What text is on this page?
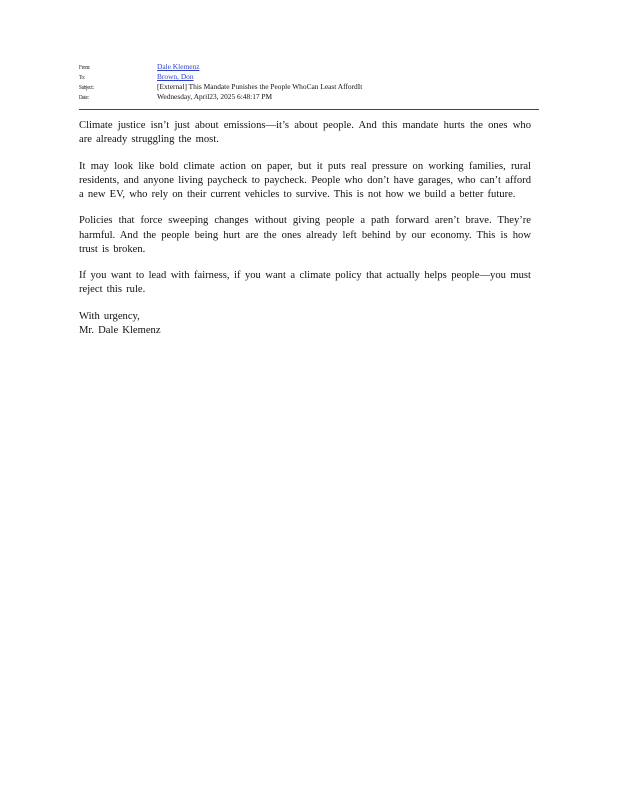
From:	Dale Klemenz
To:	Brown, Don
Subject:	[External] This Mandate Punishes the People WhoCan Least AffordIt
Date:	Wednesday, April23, 2025 6:48:17 PM

Climate justice isn’t just about emissions—it’s about people. And this mandate hurts the ones who are already struggling the most.

It may look like bold climate action on paper, but it puts real pressure on working families, rural residents, and anyone living paycheck to paycheck. People who don’t have garages, who can’t afford a new EV, who rely on their current vehicles to survive. This is not how we build a better future.

Policies that force sweeping changes without giving people a path forward aren’t brave. They’re harmful. And the people being hurt are the ones already left behind by our economy. This is how trust is broken.

If you want to lead with fairness, if you want a climate policy that actually helps people—you must reject this rule.

With urgency,
Mr. Dale Klemenz
